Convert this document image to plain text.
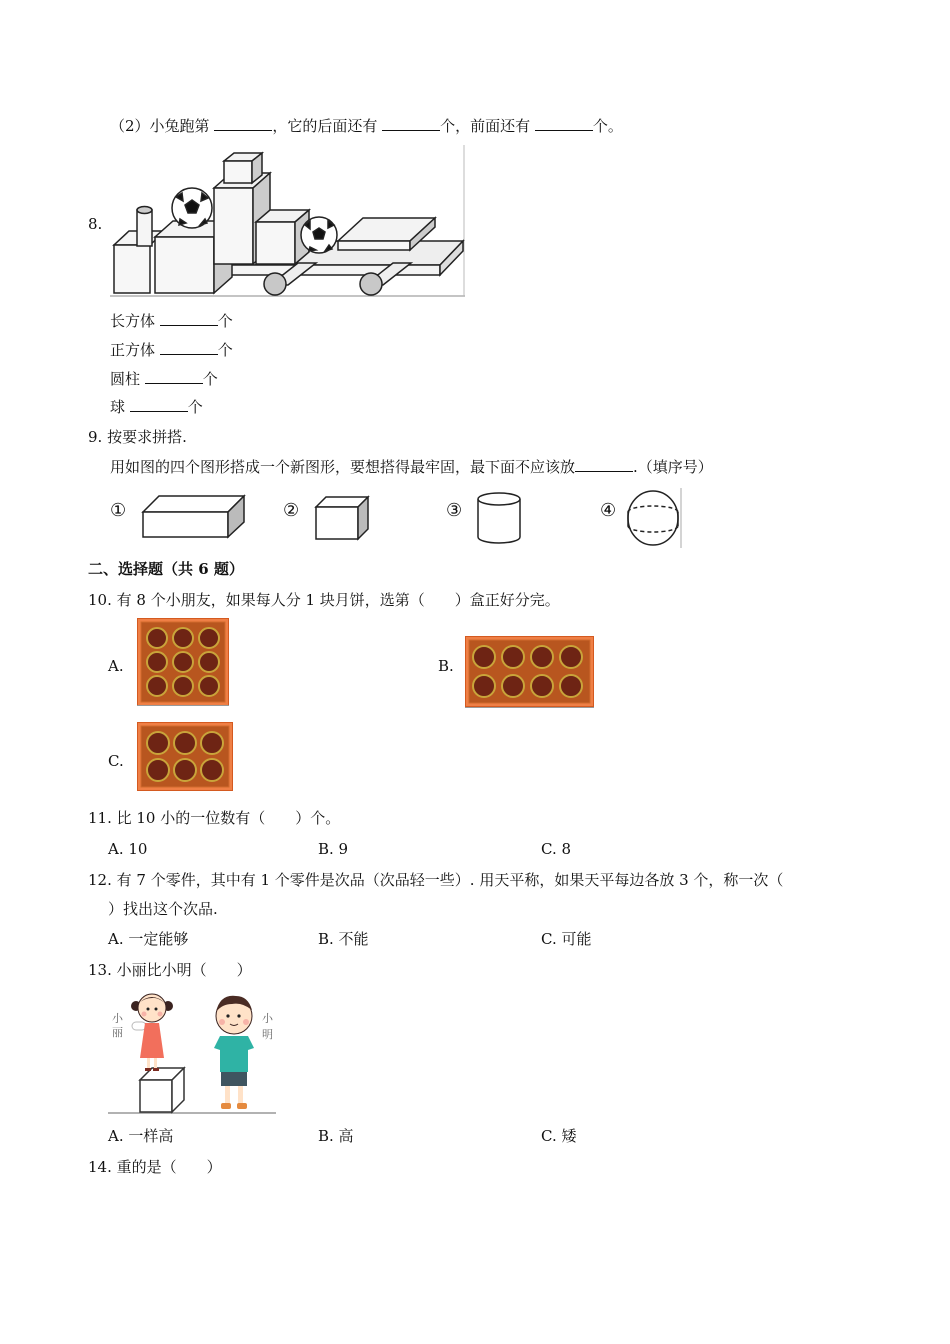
（2）小兔跑第	，它的后面还有	个，前面还有	个。
8.
长方体	个
正方体	个
圆柱	个
球	个
9. 按要求拼搭.
用如图的四个图形搭成一个新图形，要想搭得最牢固，最下面不应该放	.（填序号）
①	②	③	④
二、选择题（共 6 题）
10. 有 8 个小朋友，如果每人分 1 块月饼，选第（　　）盒正好分完。
A.	B.
C.
11. 比 10 小的一位数有（　　）个。
A. 10	B. 9	C. 8
12. 有 7 个零件，其中有 1 个零件是次品（次品轻一些）. 用天平称，如果天平每边各放 3 个，称一次（
）找出这个次品.
A. 一定能够	B. 不能	C. 可能
13. 小丽比小明（　　）
小
丽
小
明
A. 一样高	B. 高	C. 矮
14. 重的是（　　）
